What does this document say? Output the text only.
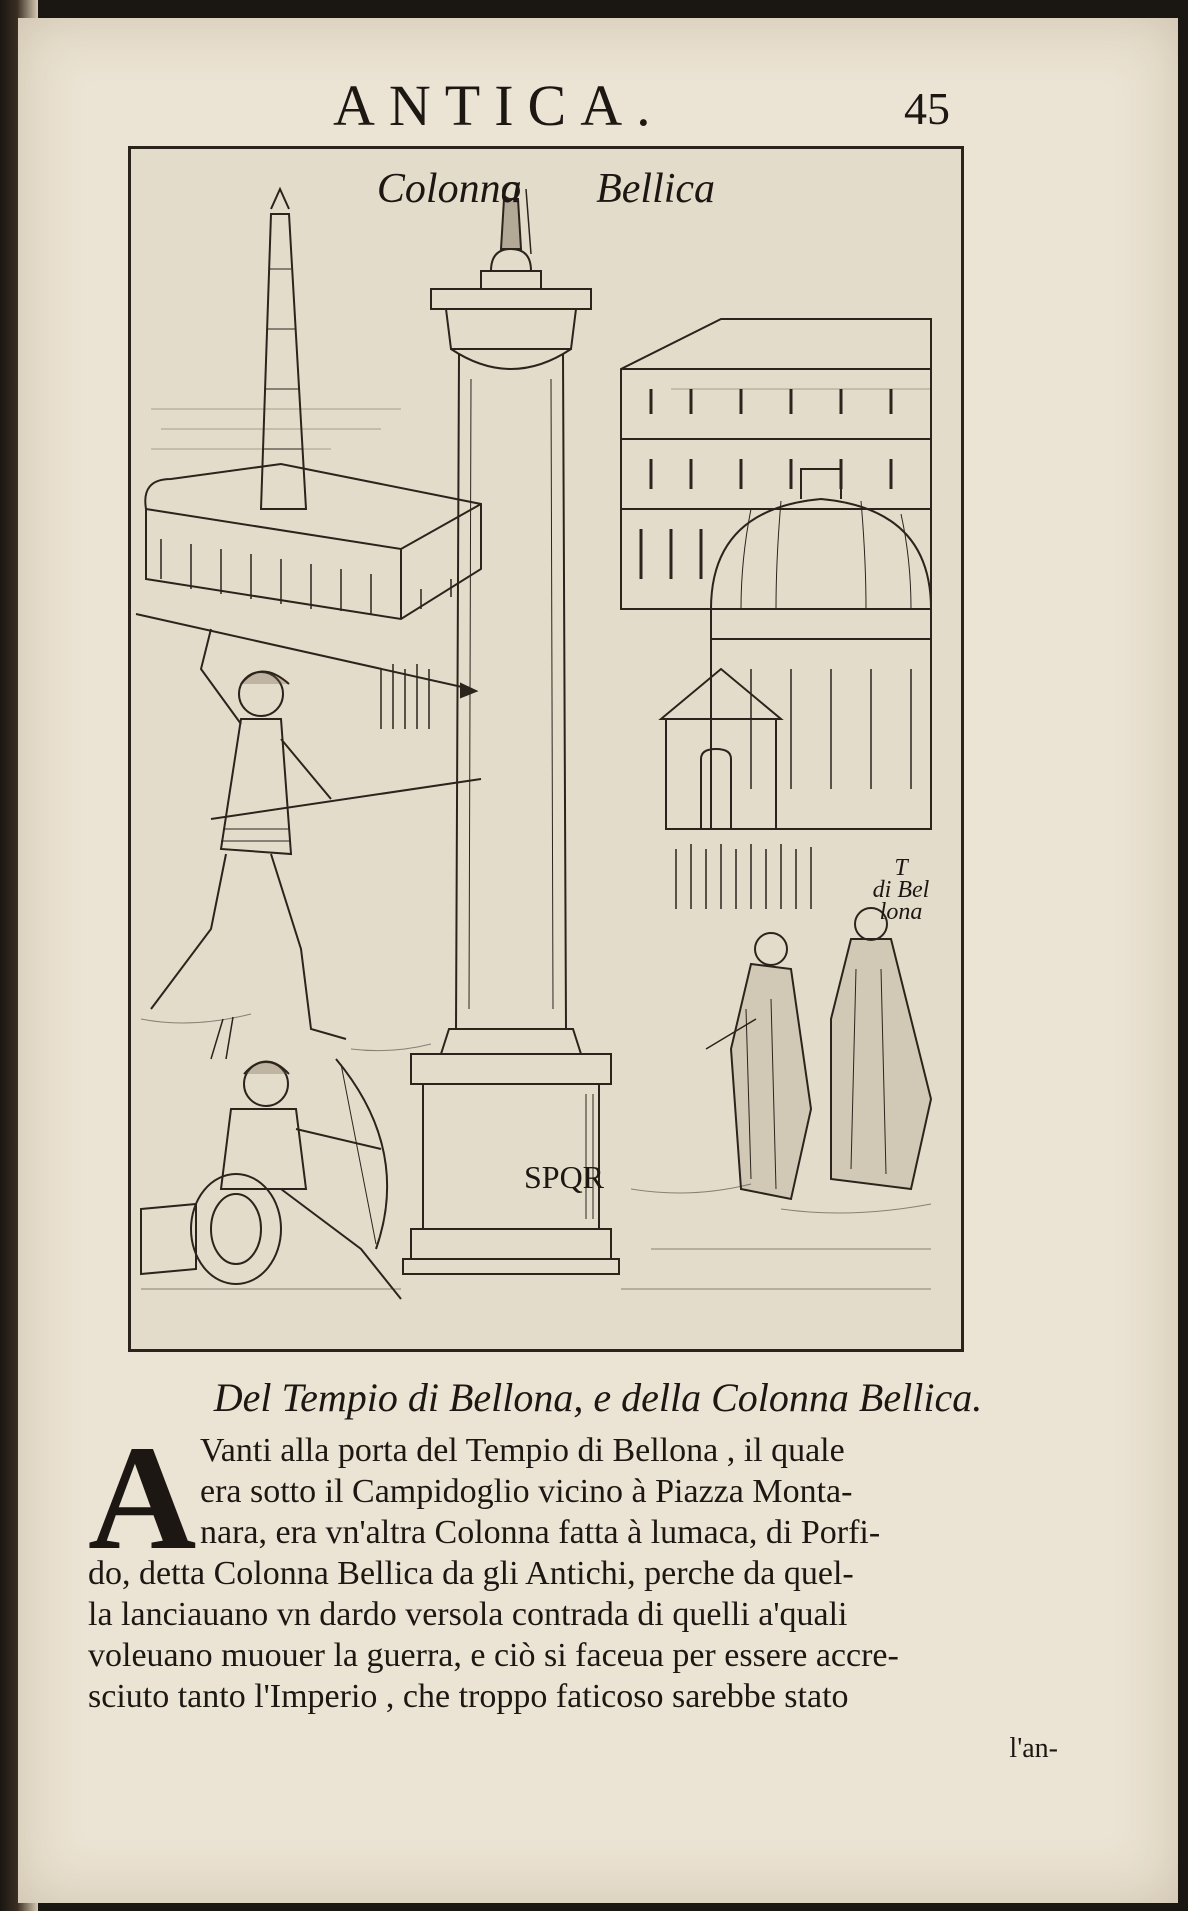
ANTICA.	45
Colonna Bellica
SPQR
T
di Bel
lona
Del Tempio di Bellona, e della Colonna Bellica.
A Vanti alla porta del Tempio di Bellona , il quale
era sotto il Campidoglio vicino à Piazza Monta-
nara, era vn'altra Colonna fatta à lumaca, di Porfi-
do, detta Colonna Bellica da gli Antichi, perche da quel-
la lanciauano vn dardo versola contrada di quelli a'quali
voleuano muouer la guerra, e ciò si faceua per essere accre-
sciuto tanto l'Imperio , che troppo faticoso sarebbe stato
l'an-
